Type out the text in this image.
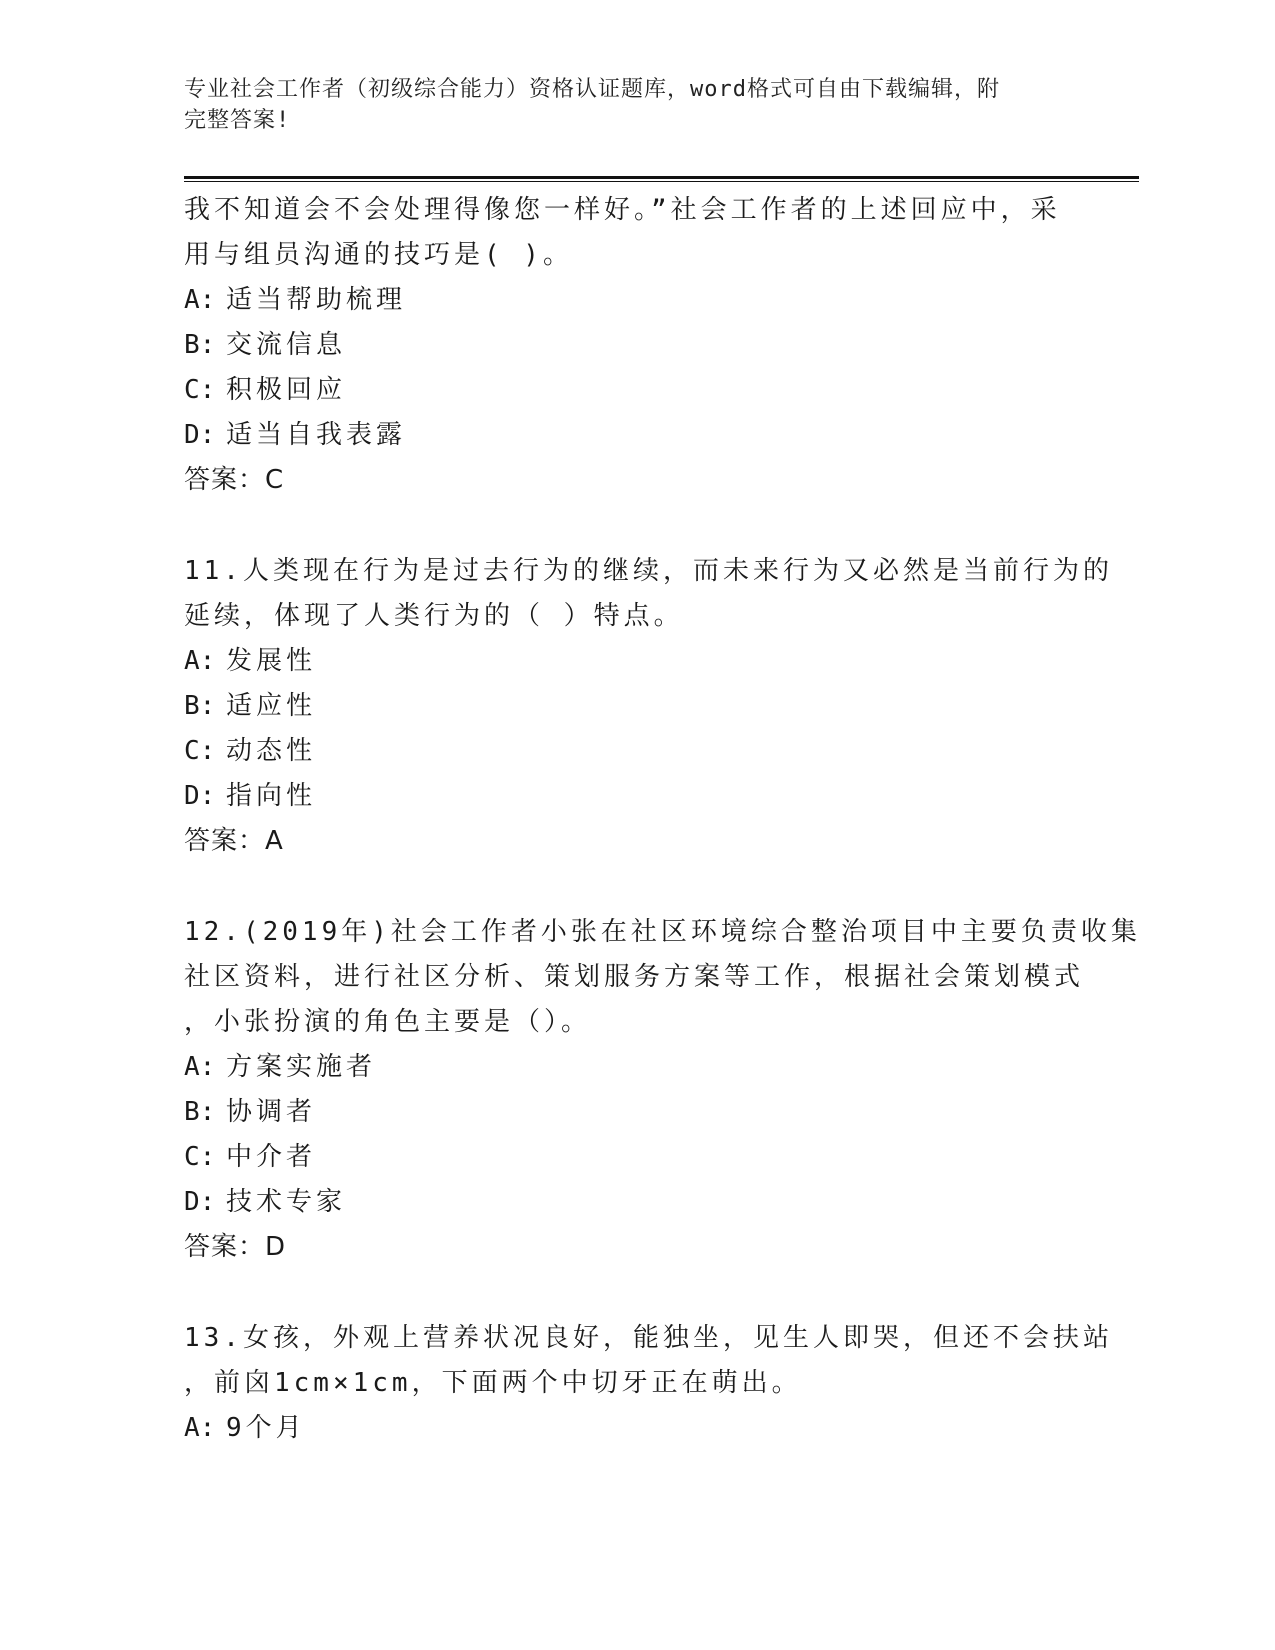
专业社会工作者（初级综合能力）资格认证题库，word格式可自由下载编辑，附
完整答案!
我不知道会不会处理得像您一样好。”社会工作者的上述回应中，采
用与组员沟通的技巧是( )。
A: 适当帮助梳理
B: 交流信息
C: 积极回应
D: 适当自我表露
答案：C
11.人类现在行为是过去行为的继续，而未来行为又必然是当前行为的
延续，体现了人类行为的（ ）特点。
A: 发展性
B: 适应性
C: 动态性
D: 指向性
答案：A
12.(2019年)社会工作者小张在社区环境综合整治项目中主要负责收集
社区资料，进行社区分析、策划服务方案等工作，根据社会策划模式
，小张扮演的角色主要是（）。
A: 方案实施者
B: 协调者
C: 中介者
D: 技术专家
答案：D
13.女孩，外观上营养状况良好，能独坐，见生人即哭，但还不会扶站
，前囟1cm×1cm，下面两个中切牙正在萌出。
A: 9个月
